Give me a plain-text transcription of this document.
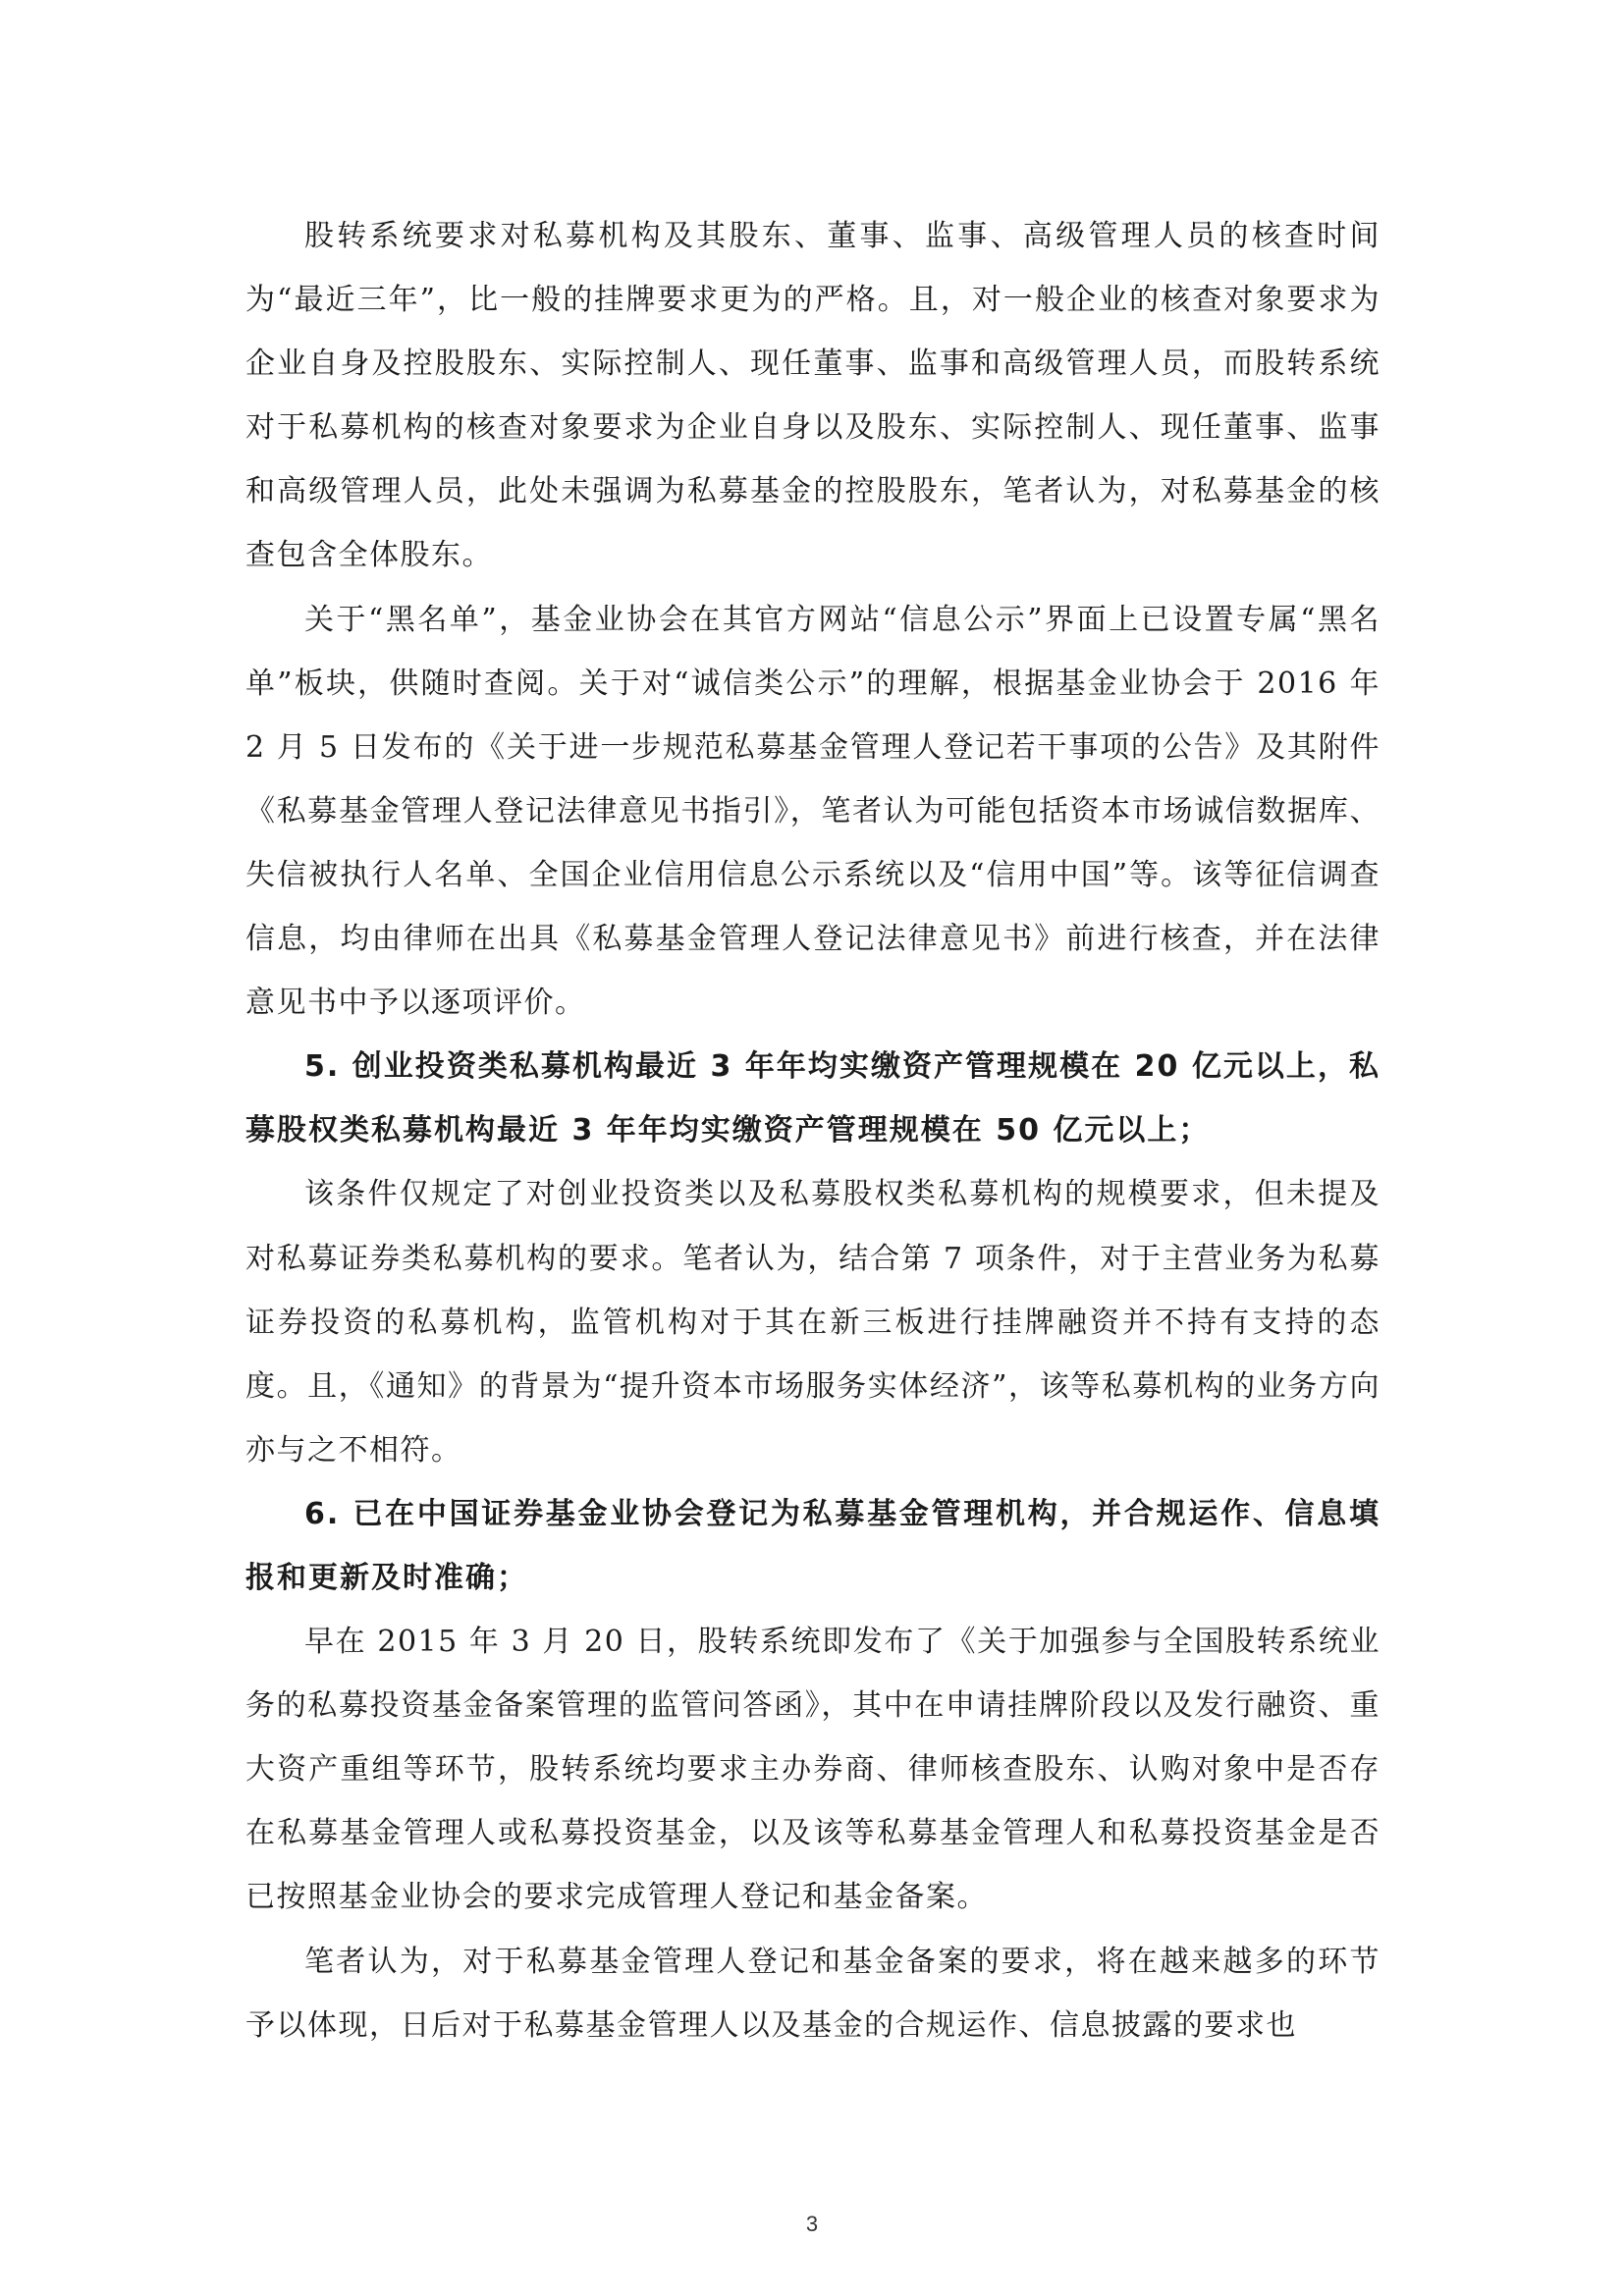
股转系统要求对私募机构及其股东、董事、监事、高级管理人员的核查时间为“最近三年”，比一般的挂牌要求更为的严格。且，对一般企业的核查对象要求为企业自身及控股股东、实际控制人、现任董事、监事和高级管理人员，而股转系统对于私募机构的核查对象要求为企业自身以及股东、实际控制人、现任董事、监事和高级管理人员，此处未强调为私募基金的控股股东，笔者认为，对私募基金的核查包含全体股东。

关于“黑名单”，基金业协会在其官方网站“信息公示”界面上已设置专属“黑名单”板块，供随时查阅。关于对“诚信类公示”的理解，根据基金业协会于 2016 年 2 月 5 日发布的《关于进一步规范私募基金管理人登记若干事项的公告》及其附件《私募基金管理人登记法律意见书指引》，笔者认为可能包括资本市场诚信数据库、失信被执行人名单、全国企业信用信息公示系统以及“信用中国”等。该等征信调查信息，均由律师在出具《私募基金管理人登记法律意见书》前进行核查，并在法律意见书中予以逐项评价。

5. 创业投资类私募机构最近 3 年年均实缴资产管理规模在 20 亿元以上，私募股权类私募机构最近 3 年年均实缴资产管理规模在 50 亿元以上；

该条件仅规定了对创业投资类以及私募股权类私募机构的规模要求，但未提及对私募证券类私募机构的要求。笔者认为，结合第 7 项条件，对于主营业务为私募证券投资的私募机构，监管机构对于其在新三板进行挂牌融资并不持有支持的态度。且，《通知》的背景为“提升资本市场服务实体经济”，该等私募机构的业务方向亦与之不相符。

6. 已在中国证券基金业协会登记为私募基金管理机构，并合规运作、信息填报和更新及时准确；

早在 2015 年 3 月 20 日，股转系统即发布了《关于加强参与全国股转系统业务的私募投资基金备案管理的监管问答函》，其中在申请挂牌阶段以及发行融资、重大资产重组等环节，股转系统均要求主办券商、律师核查股东、认购对象中是否存在私募基金管理人或私募投资基金，以及该等私募基金管理人和私募投资基金是否已按照基金业协会的要求完成管理人登记和基金备案。

笔者认为，对于私募基金管理人登记和基金备案的要求，将在越来越多的环节予以体现，日后对于私募基金管理人以及基金的合规运作、信息披露的要求也

3
